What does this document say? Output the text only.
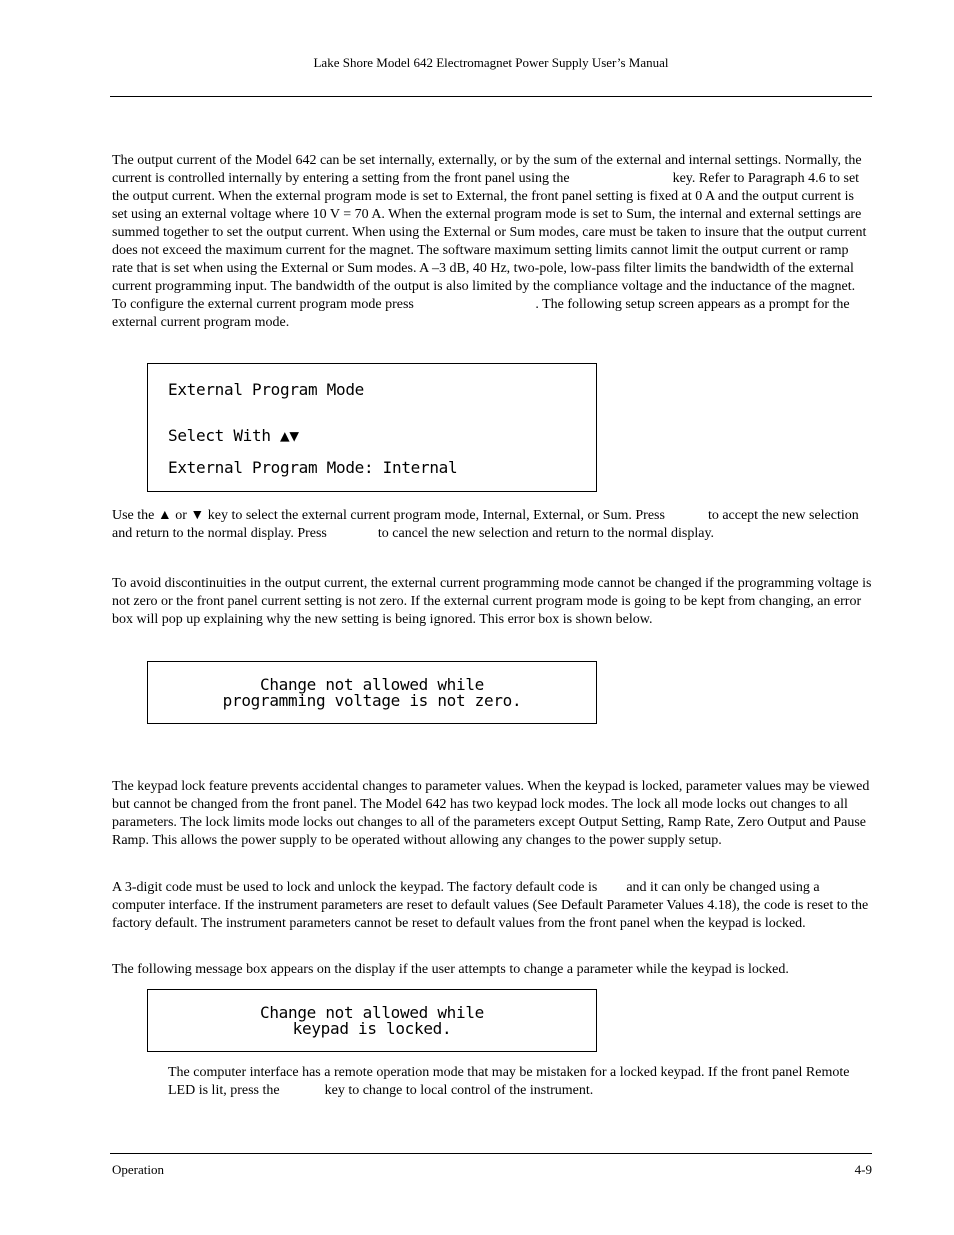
Lake Shore Model 642 Electromagnet Power Supply User’s Manual

The output current of the Model 642 can be set internally, externally, or by the sum of the external and internal settings. Normally, the current is controlled internally by entering a setting from the front panel using the	key. Refer to Paragraph 4.6 to set the output current. When the external program mode is set to External, the front panel setting is fixed at 0 A and the output current is set using an external voltage where 10 V = 70 A. When the external program mode is set to Sum, the internal and external settings are summed together to set the output current. When using the External or Sum modes, care must be taken to insure that the output current does not exceed the maximum current for the magnet. The software maximum setting limits cannot limit the output current or ramp rate that is set when using the External or Sum modes. A –3 dB, 40 Hz, two-pole, low-pass filter limits the bandwidth of the external current programming input. The bandwidth of the output is also limited by the compliance voltage and the inductance of the magnet. To configure the external current program mode press	. The following setup screen appears as a prompt for the external current program mode.

External Program Mode
Select With ▲▼
External Program Mode: Internal

Use the ▲ or ▼ key to select the external current program mode, Internal, External, or Sum. Press	to accept the new selection and return to the normal display. Press	to cancel the new selection and return to the normal display.

To avoid discontinuities in the output current, the external current programming mode cannot be changed if the programming voltage is not zero or the front panel current setting is not zero. If the external current program mode is going to be kept from changing, an error box will pop up explaining why the new setting is being ignored. This error box is shown below.

Change not allowed while
programming voltage is not zero.

The keypad lock feature prevents accidental changes to parameter values. When the keypad is locked, parameter values may be viewed but cannot be changed from the front panel. The Model 642 has two keypad lock modes. The lock all mode locks out changes to all parameters. The lock limits mode locks out changes to all of the parameters except Output Setting, Ramp Rate, Zero Output and Pause Ramp. This allows the power supply to be operated without allowing any changes to the power supply setup.

A 3-digit code must be used to lock and unlock the keypad. The factory default code is and it can only be changed using a computer interface. If the instrument parameters are reset to default values (See Default Parameter Values 4.18), the code is reset to the factory default. The instrument parameters cannot be reset to default values from the front panel when the keypad is locked.

The following message box appears on the display if the user attempts to change a parameter while the keypad is locked.

Change not allowed while
keypad is locked.

The computer interface has a remote operation mode that may be mistaken for a locked keypad. If the front panel Remote LED is lit, press the	key to change to local control of the instrument.

Operation	4-9
